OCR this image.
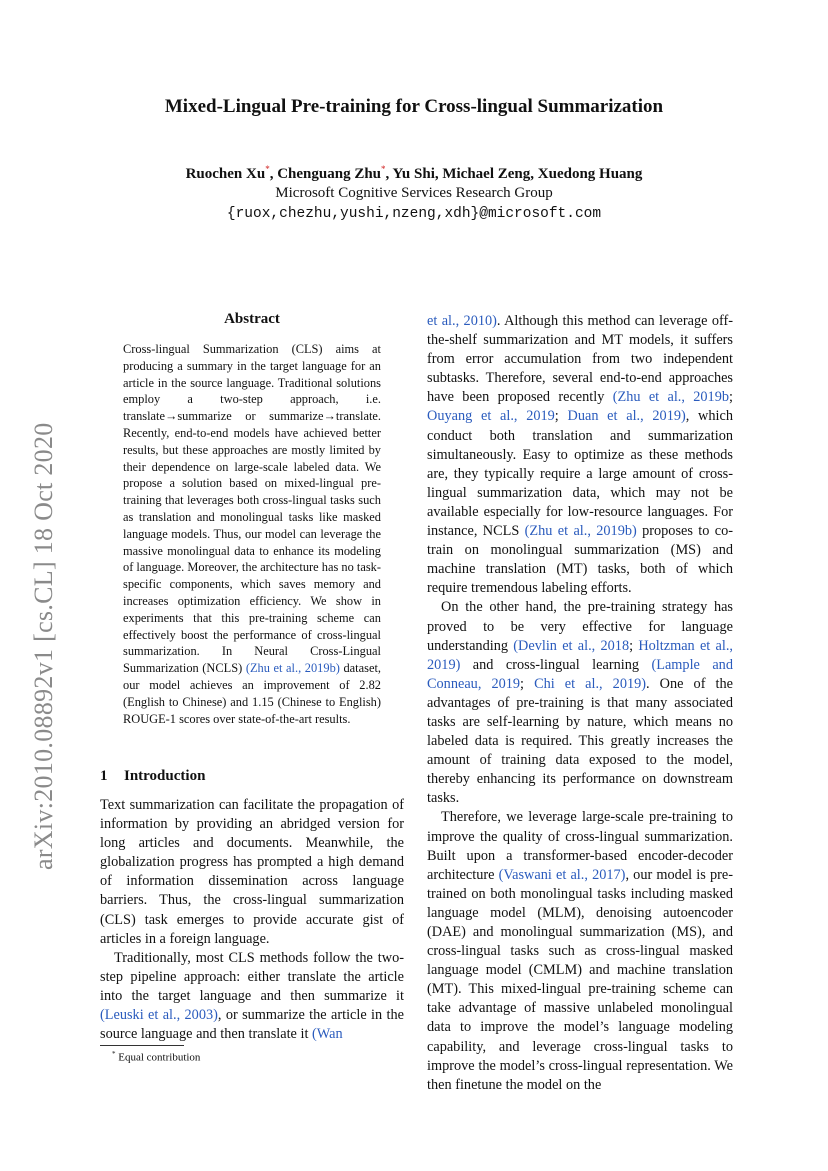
arXiv:2010.08892v1 [cs.CL] 18 Oct 2020
Mixed-Lingual Pre-training for Cross-lingual Summarization
Ruochen Xu*, Chenguang Zhu*, Yu Shi, Michael Zeng, Xuedong Huang
Microsoft Cognitive Services Research Group
{ruox,chezhu,yushi,nzeng,xdh}@microsoft.com
Abstract
Cross-lingual Summarization (CLS) aims at producing a summary in the target language for an article in the source language. Traditional solutions employ a two-step approach, i.e. translate→summarize or summarize→translate. Recently, end-to-end models have achieved better results, but these approaches are mostly limited by their dependence on large-scale labeled data. We propose a solution based on mixed-lingual pre-training that leverages both cross-lingual tasks such as translation and monolingual tasks like masked language models. Thus, our model can leverage the massive monolingual data to enhance its modeling of language. Moreover, the architecture has no task-specific components, which saves memory and increases optimization efficiency. We show in experiments that this pre-training scheme can effectively boost the performance of cross-lingual summarization. In Neural Cross-Lingual Summarization (NCLS) (Zhu et al., 2019b) dataset, our model achieves an improvement of 2.82 (English to Chinese) and 1.15 (Chinese to English) ROUGE-1 scores over state-of-the-art results.
1 Introduction

Text summarization can facilitate the propagation of information by providing an abridged version for long articles and documents. Meanwhile, the globalization progress has prompted a high demand of information dissemination across language barriers. Thus, the cross-lingual summarization (CLS) task emerges to provide accurate gist of articles in a foreign language.

Traditionally, most CLS methods follow the two-step pipeline approach: either translate the article into the target language and then summarize it (Leuski et al., 2003), or summarize the article in the source language and then translate it (Wan

* Equal contribution

et al., 2010). Although this method can leverage off-the-shelf summarization and MT models, it suffers from error accumulation from two independent subtasks. Therefore, several end-to-end approaches have been proposed recently (Zhu et al., 2019b; Ouyang et al., 2019; Duan et al., 2019), which conduct both translation and summarization simultaneously. Easy to optimize as these methods are, they typically require a large amount of cross-lingual summarization data, which may not be available especially for low-resource languages. For instance, NCLS (Zhu et al., 2019b) proposes to co-train on monolingual summarization (MS) and machine translation (MT) tasks, both of which require tremendous labeling efforts.

On the other hand, the pre-training strategy has proved to be very effective for language understanding (Devlin et al., 2018; Holtzman et al., 2019) and cross-lingual learning (Lample and Conneau, 2019; Chi et al., 2019). One of the advantages of pre-training is that many associated tasks are self-learning by nature, which means no labeled data is required. This greatly increases the amount of training data exposed to the model, thereby enhancing its performance on downstream tasks.

Therefore, we leverage large-scale pre-training to improve the quality of cross-lingual summarization. Built upon a transformer-based encoder-decoder architecture (Vaswani et al., 2017), our model is pre-trained on both monolingual tasks including masked language model (MLM), denoising autoencoder (DAE) and monolingual summarization (MS), and cross-lingual tasks such as cross-lingual masked language model (CMLM) and machine translation (MT). This mixed-lingual pre-training scheme can take advantage of massive unlabeled monolingual data to improve the model’s language modeling capability, and leverage cross-lingual tasks to improve the model’s cross-lingual representation. We then finetune the model on the
